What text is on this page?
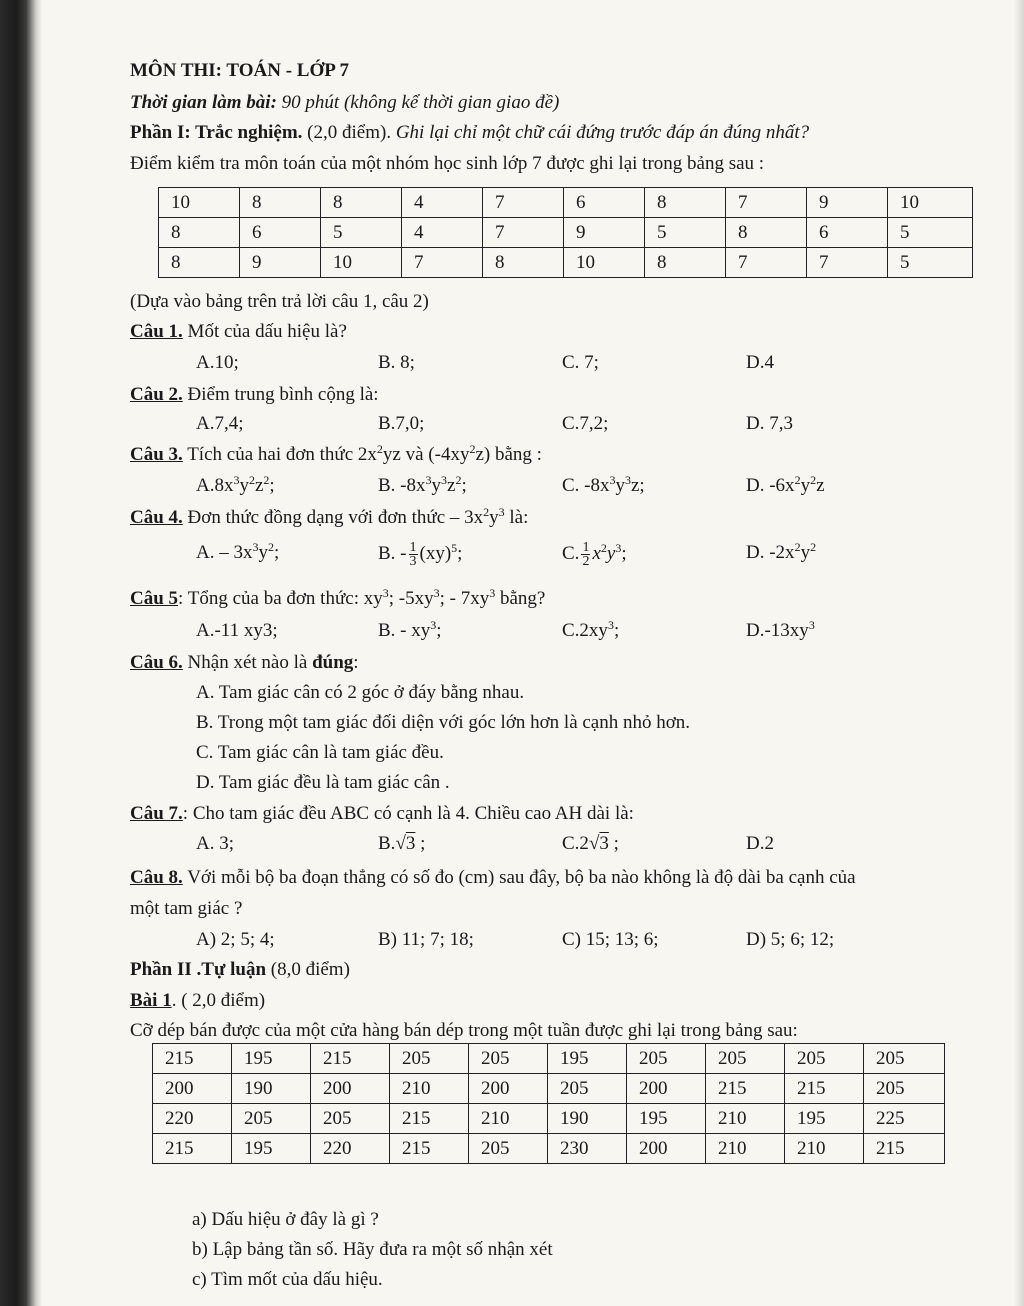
MÔN THI: TOÁN - LỚP 7
Thời gian làm bài: 90 phút (không kể thời gian giao đề)
Phần I: Trắc nghiệm. (2,0 điểm). Ghi lại chỉ một chữ cái đứng trước đáp án đúng nhất?
Điểm kiểm tra môn toán của một nhóm học sinh lớp 7 được ghi lại trong bảng sau :
10	8	8	4	7	6	8	7	9	10
8	6	5	4	7	9	5	8	6	5
8	9	10	7	8	10	8	7	7	5
(Dựa vào bảng trên trả lời câu 1, câu 2)
Câu 1. Mốt của dấu hiệu là?
A.10;	B. 8;	C. 7;	D.4
Câu 2. Điểm trung bình cộng là:
A.7,4;	B.7,0;	C.7,2;	D. 7,3
Câu 3. Tích của hai đơn thức $2x^2yz$ và $(-4xy^2z)$ bằng :
$A.8x^3y^2z^2$;	B. $-8x^3y^3z^2$;	C. $-8x^3y^3z$;	D. $-6x^2y^2z$
Câu 4. Đơn thức đồng dạng với đơn thức – $3x^2y^3$ là:
A. – $3x^3y^2$;	B. - $\frac{1}{3} (xy)^5$;	C. $\frac{1}{2} x^2y^3$;	D. $-2x^2y^2$
Câu 5: Tổng của ba đơn thức: $xy^3$; $-5xy^3$; - $7xy^3$ bằng?
A.-11 xy3;	B. - $xy^3$;	$C.2xy^3$;	$D.-13xy^3$
Câu 6. Nhận xét nào là đúng:
A. Tam giác cân có 2 góc ở đáy bằng nhau.
B. Trong một tam giác đối diện với góc lớn hơn là cạnh nhỏ hơn.
C. Tam giác cân là tam giác đều.
D. Tam giác đều là tam giác cân .
Câu 7.: Cho tam giác đều ABC có cạnh là 4. Chiều cao AH dài là:
A. 3;	B.√3 ;	C.2√3 ;	D.2
Câu 8. Với mỗi bộ ba đoạn thẳng có số đo (cm) sau đây, bộ ba nào không là độ dài ba cạnh của
một tam giác ?
A) 2; 5; 4;	B) 11; 7; 18;	C) 15; 13; 6;	D) 5; 6; 12;
Phần II .Tự luận (8,0 điểm)
Bài 1. ( 2,0 điểm)
Cỡ dép bán được của một cửa hàng bán dép trong một tuần được ghi lại trong bảng sau:
215	195	215	205	205	195	205	205	205	205
200	190	200	210	200	205	200	215	215	205
220	205	205	215	210	190	195	210	195	225
215	195	220	215	205	230	200	210	210	215
a) Dấu hiệu ở đây là gì ?
b) Lập bảng tần số. Hãy đưa ra một số nhận xét
c) Tìm mốt của dấu hiệu.
